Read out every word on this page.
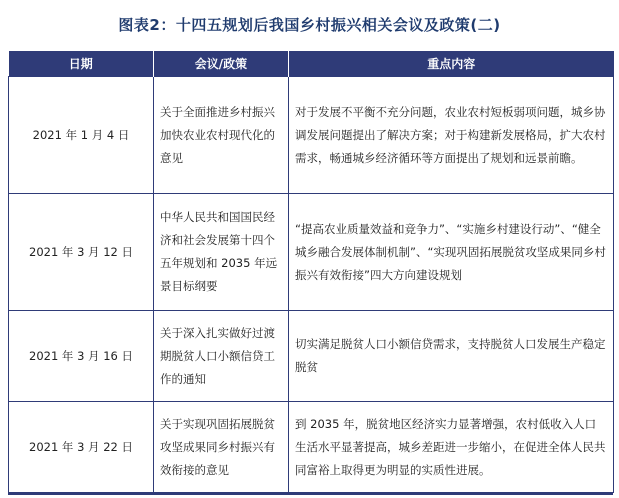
图表2：十四五规划后我国乡村振兴相关会议及政策(二)
日期	会议/政策	重点内容
2021 年 1 月 4 日	关于全面推进乡村振兴加快农业农村现代化的意见	对于发展不平衡不充分问题，农业农村短板弱项问题，城乡协调发展问题提出了解决方案；对于构建新发展格局，扩大农村需求，畅通城乡经济循环等方面提出了规划和远景前瞻。
2021 年 3 月 12 日	中华人民共和国国民经济和社会发展第十四个五年规划和 2035 年远景目标纲要	“提高农业质量效益和竞争力”、“实施乡村建设行动”、“健全城乡融合发展体制机制”、“实现巩固拓展脱贫攻坚成果同乡村振兴有效衔接”四大方向建设规划
2021 年 3 月 16 日	关于深入扎实做好过渡期脱贫人口小额信贷工作的通知	切实满足脱贫人口小额信贷需求，支持脱贫人口发展生产稳定脱贫
2021 年 3 月 22 日	关于实现巩固拓展脱贫攻坚成果同乡村振兴有效衔接的意见	到 2035 年，脱贫地区经济实力显著增强，农村低收入人口生活水平显著提高，城乡差距进一步缩小，在促进全体人民共同富裕上取得更为明显的实质性进展。
